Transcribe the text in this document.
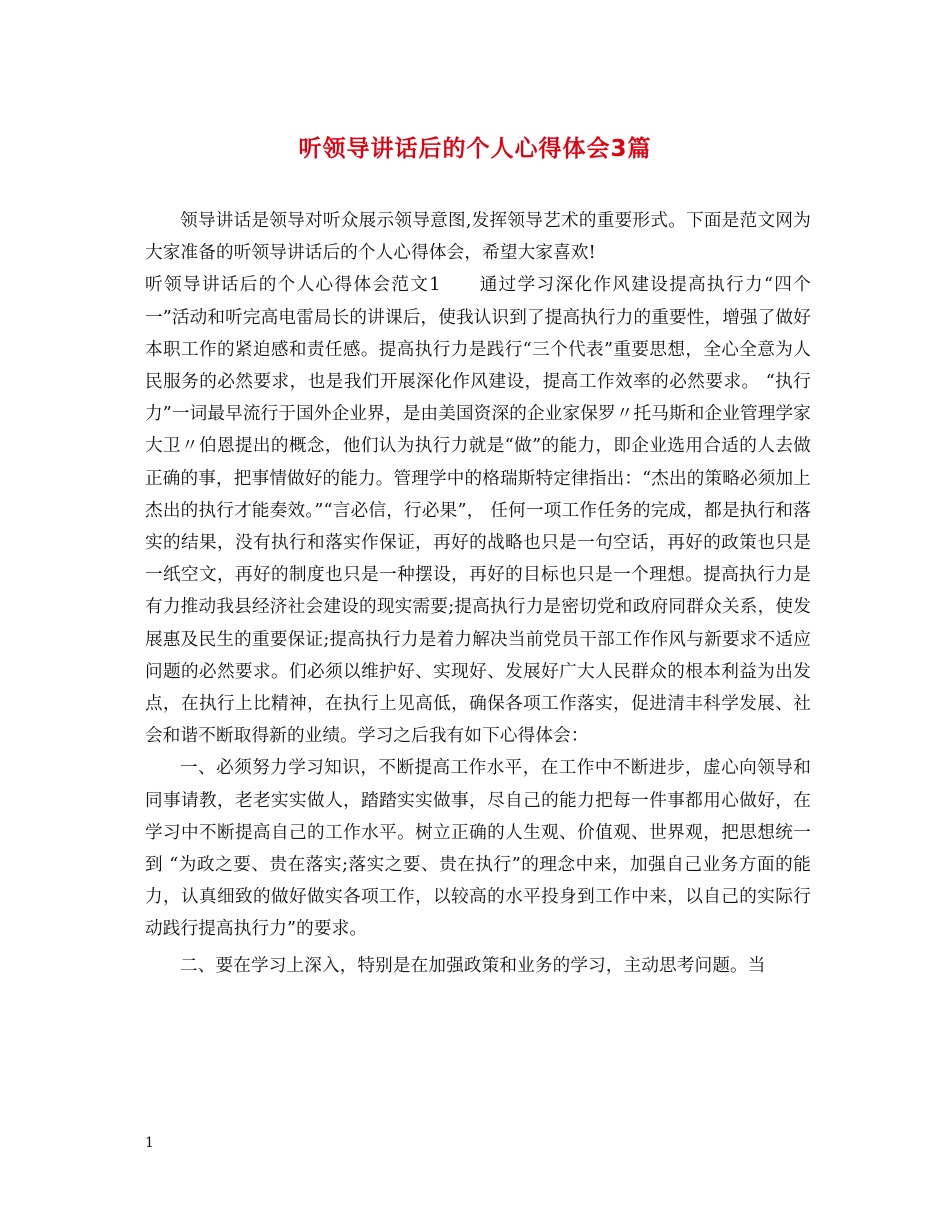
听领导讲话后的个人心得体会3篇

领导讲话是领导对听众展示领导意图,发挥领导艺术的重要形式。下面是范文网为大家准备的听领导讲话后的个人心得体会，希望大家喜欢!

听领导讲话后的个人心得体会范文1　　通过学习深化作风建设提高执行力“四个一”活动和听完高电雷局长的讲课后，使我认识到了提高执行力的重要性，增强了做好本职工作的紧迫感和责任感。提高执行力是践行“三个代表”重要思想，全心全意为人民服务的必然要求，也是我们开展深化作风建设，提高工作效率的必然要求。 “执行力”一词最早流行于国外企业界，是由美国资深的企业家保罗〃托马斯和企业管理学家大卫〃伯恩提出的概念，他们认为执行力就是“做”的能力，即企业选用合适的人去做正确的事，把事情做好的能力。管理学中的格瑞斯特定律指出：“杰出的策略必须加上杰出的执行才能奏效。”“言必信，行必果”， 任何一项工作任务的完成，都是执行和落实的结果，没有执行和落实作保证，再好的战略也只是一句空话，再好的政策也只是一纸空文，再好的制度也只是一种摆设，再好的目标也只是一个理想。提高执行力是有力推动我县经济社会建设的现实需要;提高执行力是密切党和政府同群众关系，使发展惠及民生的重要保证;提高执行力是着力解决当前党员干部工作作风与新要求不适应问题的必然要求。们必须以维护好、实现好、发展好广大人民群众的根本利益为出发点，在执行上比精神，在执行上见高低，确保各项工作落实，促进清丰科学发展、社会和谐不断取得新的业绩。学习之后我有如下心得体会：

一、必须努力学习知识，不断提高工作水平，在工作中不断进步，虚心向领导和同事请教，老老实实做人，踏踏实实做事，尽自己的能力把每一件事都用心做好，在学习中不断提高自己的工作水平。树立正确的人生观、价值观、世界观，把思想统一到 “为政之要、贵在落实;落实之要、贵在执行”的理念中来，加强自己业务方面的能力，认真细致的做好做实各项工作，以较高的水平投身到工作中来，以自己的实际行动践行提高执行力”的要求。

二、要在学习上深入，特别是在加强政策和业务的学习，主动思考问题。当

1
